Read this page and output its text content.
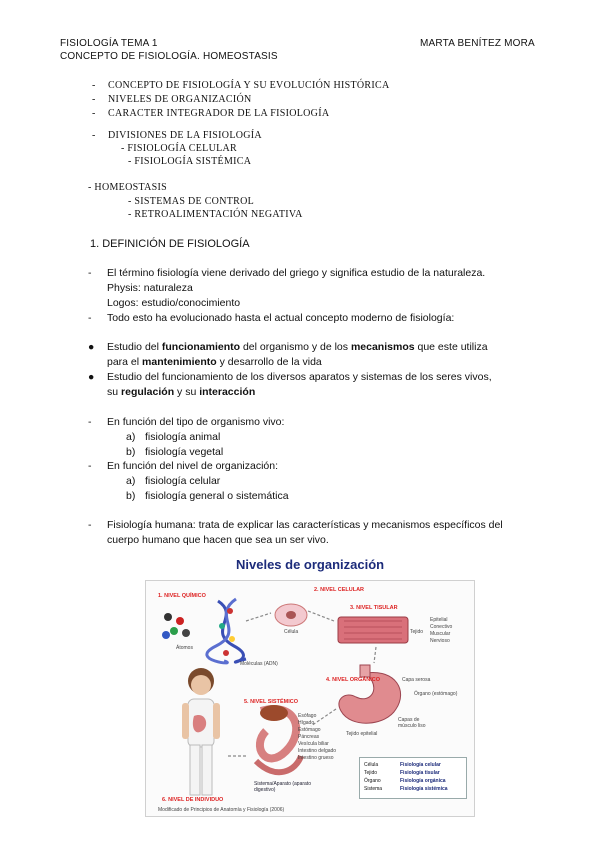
FISIOLOGÍA TEMA 1
CONCEPTO DE FISIOLOGÍA. HOMEOSTASIS
MARTA BENÍTEZ MORA
- CONCEPTO DE FISIOLOGÍA Y SU EVOLUCIÓN HISTÓRICA
- NIVELES DE ORGANIZACIÓN
- CARACTER INTEGRADOR DE LA FISIOLOGÍA
- DIVISIONES DE LA FISIOLOGÍA
- FISIOLOGÍA CELULAR
- FISIOLOGÍA SISTÉMICA
- HOMEOSTASIS
- SISTEMAS DE CONTROL
- RETROALIMENTACIÓN NEGATIVA
1. DEFINICIÓN DE FISIOLOGÍA
- El término fisiología viene derivado del griego y significa estudio de la naturaleza.
Physis: naturaleza
Logos: estudio/conocimiento
- Todo esto ha evolucionado hasta el actual concepto moderno de fisiología:
● Estudio del funcionamiento del organismo y de los mecanismos que este utiliza
para el mantenimiento y desarrollo de la vida
● Estudio del funcionamiento de los diversos aparatos y sistemas de los seres vivos,
su regulación y su interacción
- En función del tipo de organismo vivo:
a) fisiología animal
b) fisiología vegetal
- En función del nivel de organización:
a) fisiología celular
b) fisiología general o sistemática
- Fisiología humana: trata de explicar las características y mecanismos específicos del
cuerpo humano que hacen que sea un ser vivo.
Niveles de organización
1. NIVEL QUÍMICO
2. NIVEL CELULAR
3. NIVEL TISULAR
4. NIVEL ORGÁNICO
5. NIVEL SISTÉMICO
6. NIVEL DE INDIVIDUO
Átomos
Célula
Moléculas (ADN)
Tejido
Epitelial
Conectivo
Muscular
Nervioso
Órgano (estómago)
Capa serosa
Capas de músculo liso
Tejido epitelial
Esófago
Hígado
Estómago
Páncreas
Vesícula biliar
Intestino delgado
Intestino grueso
Sistema/Aparato (aparato digestivo)
Célula	Fisiología celular
Tejido	Fisiología tisular
Órgano	Fisiología orgánica
Sistema	Fisiología sistémica
Modificado de Principios de Anatomía y Fisiología (2006)
